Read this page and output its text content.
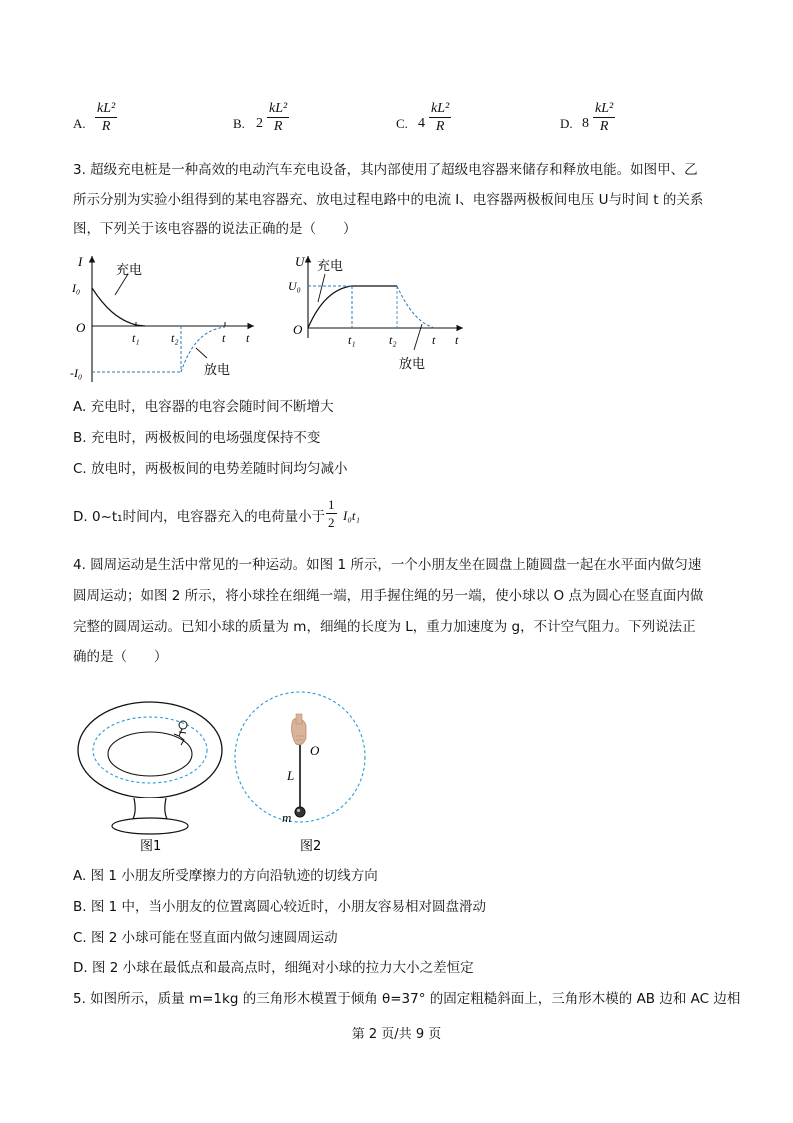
A. $\frac{\text{kL²}}{R}$	B. $2 \frac{\text{kL²}}{R}$	C. $4 \frac{\text{kL²}}{R}$	D. $8 \frac{\text{kL²}}{R}$
3. 超级充电桩是一种高效的电动汽车充电设备，其内部使用了超级电容器来储存和释放电能。如图甲、乙
所示分别为实验小组得到的某电容器充、放电过程电路中的电流 I、电容器两极板间电压 U与时间 t 的关系
图，下列关于该电容器的说法正确的是（　　）
I
I₀
O
-I₀
t₁	t₂	t t
充电
放电
U
U₀
O
t₁	t₂	t t
充电
放电
A. 充电时，电容器的电容会随时间不断增大
B. 充电时，两极板间的电场强度保持不变
C. 放电时，两极板间的电势差随时间均匀减小
D. 0~t₁时间内，电容器充入的电荷量小于 $\frac{1}{2} I_0t_1$
4. 圆周运动是生活中常见的一种运动。如图 1 所示，一个小朋友坐在圆盘上随圆盘一起在水平面内做匀速
圆周运动；如图 2 所示，将小球拴在细绳一端，用手握住绳的另一端，使小球以 O 点为圆心在竖直面内做
完整的圆周运动。已知小球的质量为 m，细绳的长度为 L，重力加速度为 g，不计空气阻力。下列说法正
确的是（　　）
图1
O
L
m
图2
A. 图 1 小朋友所受摩擦力的方向沿轨迹的切线方向
B. 图 1 中，当小朋友的位置离圆心较近时，小朋友容易相对圆盘滑动
C. 图 2 小球可能在竖直面内做匀速圆周运动
D. 图 2 小球在最低点和最高点时，细绳对小球的拉力大小之差恒定
5. 如图所示，质量 m=1kg 的三角形木模置于倾角 θ=37° 的固定粗糙斜面上，三角形木模的 AB 边和 AC 边相
第 2 页/共 9 页
